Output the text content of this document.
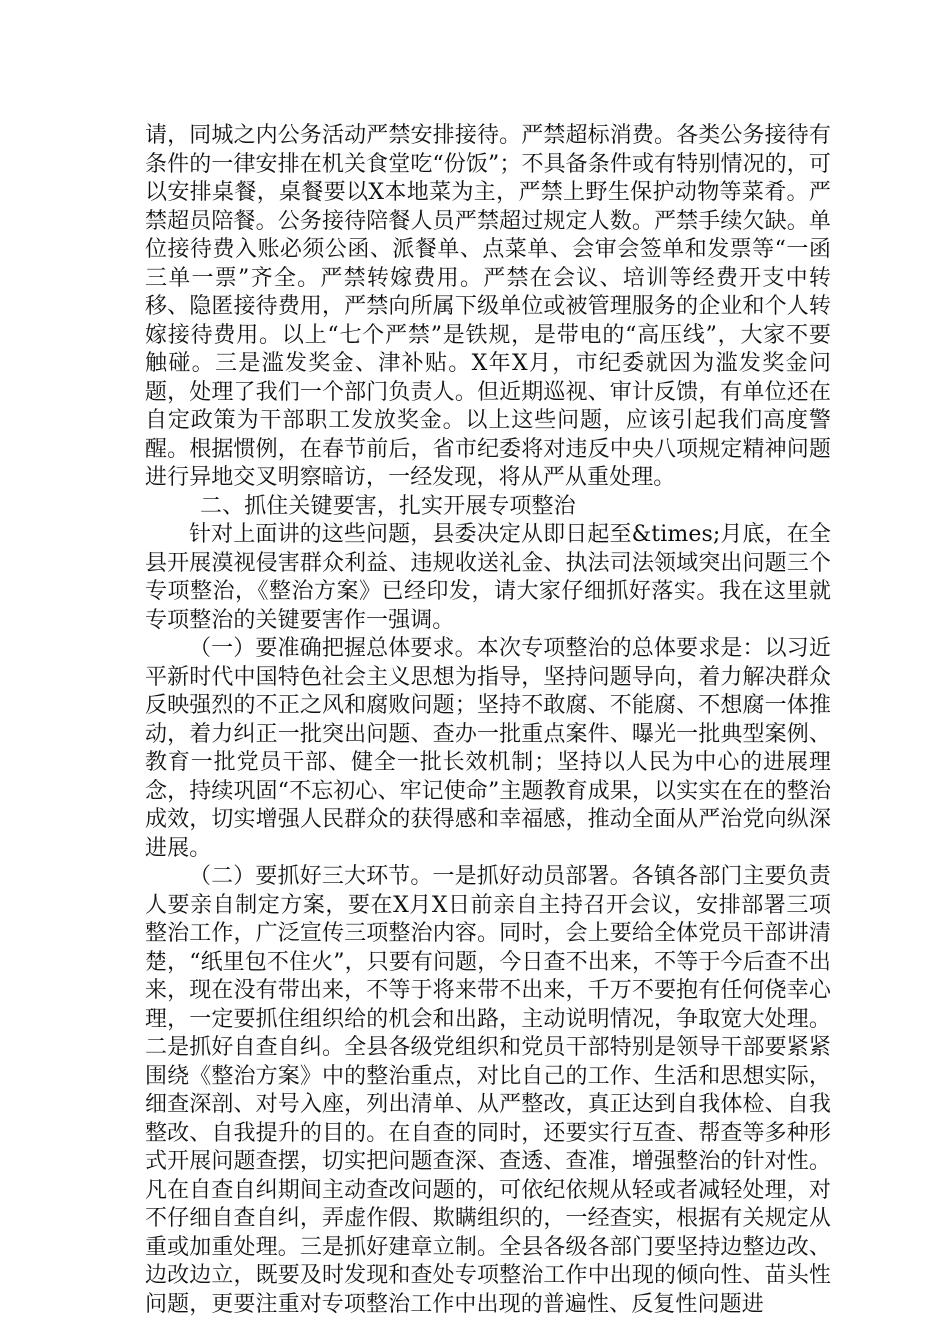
请，同城之内公务活动严禁安排接待。严禁超标消费。各类公务接待有条件的一律安排在机关食堂吃“份饭”；不具备条件或有特别情况的，可以安排桌餐，桌餐要以X本地菜为主，严禁上野生保护动物等菜肴。严禁超员陪餐。公务接待陪餐人员严禁超过规定人数。严禁手续欠缺。单位接待费入账必须公函、派餐单、点菜单、会审会签单和发票等“一函三单一票”齐全。严禁转嫁费用。严禁在会议、培训等经费开支中转移、隐匿接待费用，严禁向所属下级单位或被管理服务的企业和个人转嫁接待费用。以上“七个严禁”是铁规，是带电的“高压线”，大家不要触碰。三是滥发奖金、津补贴。X年X月，市纪委就因为滥发奖金问题，处理了我们一个部门负责人。但近期巡视、审计反馈，有单位还在自定政策为干部职工发放奖金。以上这些问题，应该引起我们高度警醒。根据惯例，在春节前后，省市纪委将对违反中央八项规定精神问题进行异地交叉明察暗访，一经发现，将从严从重处理。

二、抓住关键要害，扎实开展专项整治

针对上面讲的这些问题，县委决定从即日起至&times;月底，在全县开展漠视侵害群众利益、违规收送礼金、执法司法领域突出问题三个专项整治，《整治方案》已经印发，请大家仔细抓好落实。我在这里就专项整治的关键要害作一强调。

（一）要准确把握总体要求。本次专项整治的总体要求是：以习近平新时代中国特色社会主义思想为指导，坚持问题导向，着力解决群众反映强烈的不正之风和腐败问题；坚持不敢腐、不能腐、不想腐一体推动，着力纠正一批突出问题、查办一批重点案件、曝光一批典型案例、教育一批党员干部、健全一批长效机制；坚持以人民为中心的进展理念，持续巩固“不忘初心、牢记使命”主题教育成果，以实实在在的整治成效，切实增强人民群众的获得感和幸福感，推动全面从严治党向纵深进展。

（二）要抓好三大环节。一是抓好动员部署。各镇各部门主要负责人要亲自制定方案，要在X月X日前亲自主持召开会议，安排部署三项整治工作，广泛宣传三项整治内容。同时，会上要给全体党员干部讲清楚，“纸里包不住火”，只要有问题，今日查不出来，不等于今后查不出来，现在没有带出来，不等于将来带不出来，千万不要抱有任何侥幸心理，一定要抓住组织给的机会和出路，主动说明情况，争取宽大处理。二是抓好自查自纠。全县各级党组织和党员干部特别是领导干部要紧紧围绕《整治方案》中的整治重点，对比自己的工作、生活和思想实际，细查深剖、对号入座，列出清单、从严整改，真正达到自我体检、自我整改、自我提升的目的。在自查的同时，还要实行互查、帮查等多种形式开展问题查摆，切实把问题查深、查透、查准，增强整治的针对性。凡在自查自纠期间主动查改问题的，可依纪依规从轻或者减轻处理，对不仔细自查自纠，弄虚作假、欺瞒组织的，一经查实，根据有关规定从重或加重处理。三是抓好建章立制。全县各级各部门要坚持边整边改、边改边立，既要及时发现和查处专项整治工作中出现的倾向性、苗头性问题，更要注重对专项整治工作中出现的普遍性、反复性问题进
